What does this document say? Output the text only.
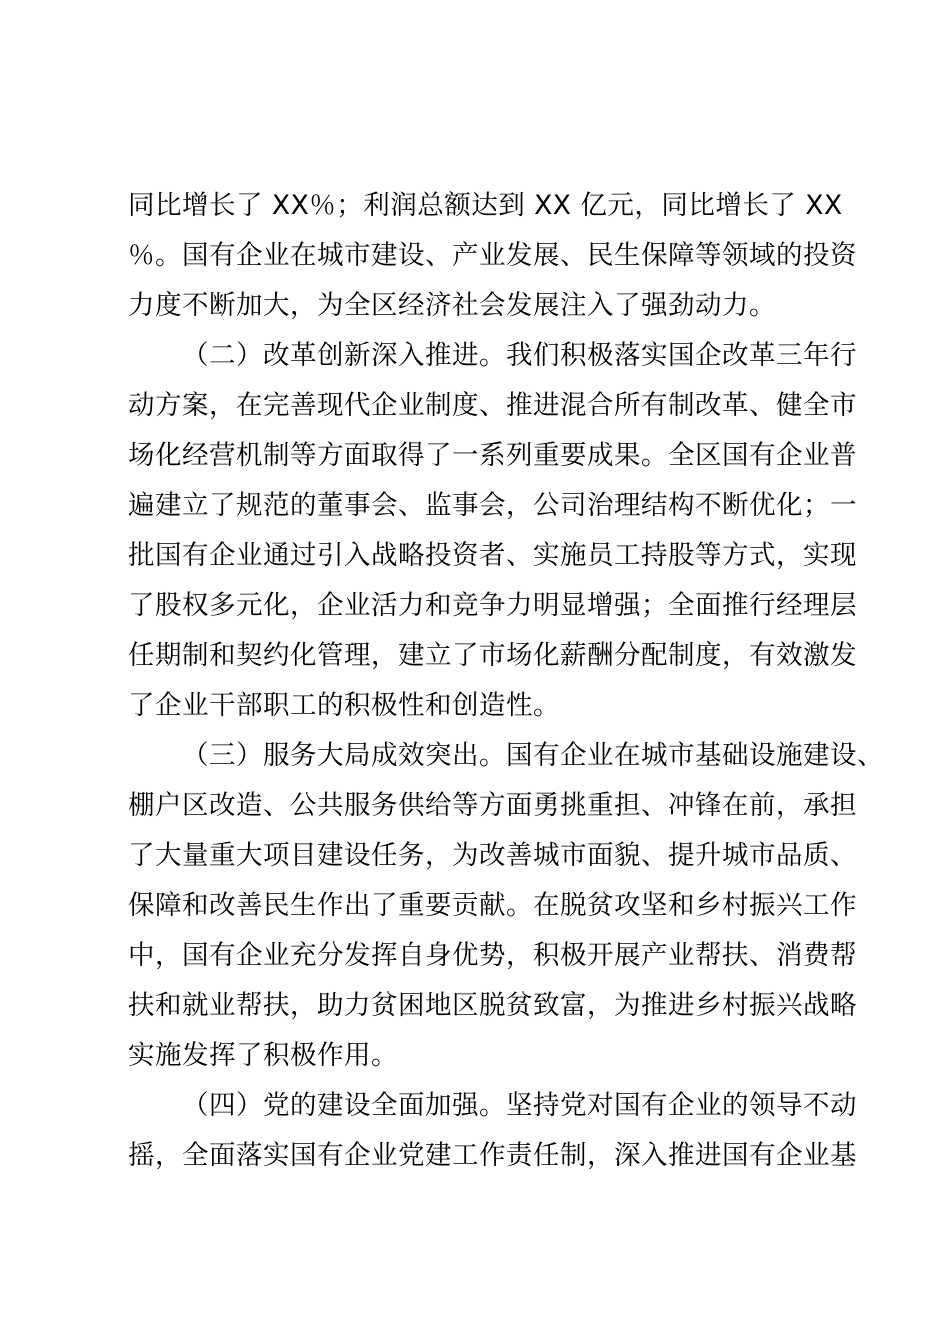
同比增长了 XX％；利润总额达到 XX 亿元，同比增长了 XX
％。国有企业在城市建设、产业发展、民生保障等领域的投资
力度不断加大，为全区经济社会发展注入了强劲动力。
（二）改革创新深入推进。我们积极落实国企改革三年行
动方案，在完善现代企业制度、推进混合所有制改革、健全市
场化经营机制等方面取得了一系列重要成果。全区国有企业普
遍建立了规范的董事会、监事会，公司治理结构不断优化；一
批国有企业通过引入战略投资者、实施员工持股等方式，实现
了股权多元化，企业活力和竞争力明显增强；全面推行经理层
任期制和契约化管理，建立了市场化薪酬分配制度，有效激发
了企业干部职工的积极性和创造性。
（三）服务大局成效突出。国有企业在城市基础设施建设、
棚户区改造、公共服务供给等方面勇挑重担、冲锋在前，承担
了大量重大项目建设任务，为改善城市面貌、提升城市品质、
保障和改善民生作出了重要贡献。在脱贫攻坚和乡村振兴工作
中，国有企业充分发挥自身优势，积极开展产业帮扶、消费帮
扶和就业帮扶，助力贫困地区脱贫致富，为推进乡村振兴战略
实施发挥了积极作用。
（四）党的建设全面加强。坚持党对国有企业的领导不动
摇，全面落实国有企业党建工作责任制，深入推进国有企业基
